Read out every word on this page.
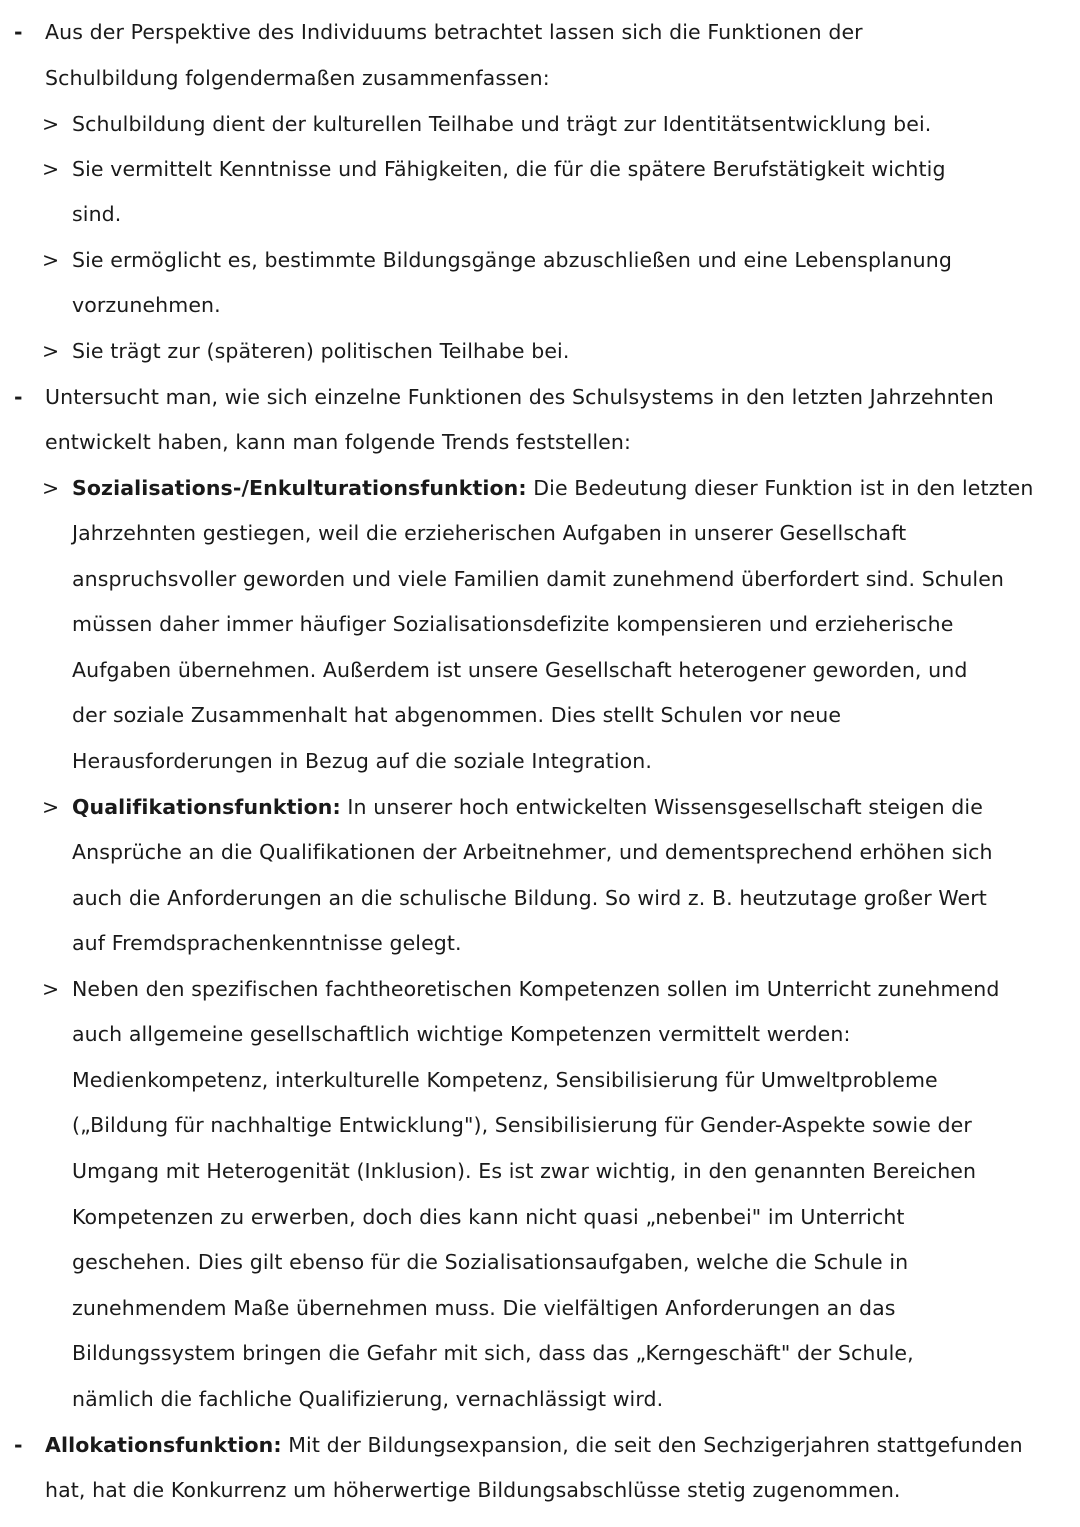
- Aus der Perspektive des Individuums betrachtet lassen sich die Funktionen der
Schulbildung folgendermaßen zusammenfassen:
> Schulbildung dient der kulturellen Teilhabe und trägt zur Identitätsentwicklung bei.
> Sie vermittelt Kenntnisse und Fähigkeiten, die für die spätere Berufstätigkeit wichtig
sind.
> Sie ermöglicht es, bestimmte Bildungsgänge abzuschließen und eine Lebensplanung
vorzunehmen.
> Sie trägt zur (späteren) politischen Teilhabe bei.
- Untersucht man, wie sich einzelne Funktionen des Schulsystems in den letzten Jahrzehnten
entwickelt haben, kann man folgende Trends feststellen:
> Sozialisations-/Enkulturationsfunktion: Die Bedeutung dieser Funktion ist in den letzten
Jahrzehnten gestiegen, weil die erzieherischen Aufgaben in unserer Gesellschaft
anspruchsvoller geworden und viele Familien damit zunehmend überfordert sind. Schulen
müssen daher immer häufiger Sozialisationsdefizite kompensieren und erzieherische
Aufgaben übernehmen. Außerdem ist unsere Gesellschaft heterogener geworden, und
der soziale Zusammenhalt hat abgenommen. Dies stellt Schulen vor neue
Herausforderungen in Bezug auf die soziale Integration.
> Qualifikationsfunktion: In unserer hoch entwickelten Wissensgesellschaft steigen die
Ansprüche an die Qualifikationen der Arbeitnehmer, und dementsprechend erhöhen sich
auch die Anforderungen an die schulische Bildung. So wird z. B. heutzutage großer Wert
auf Fremdsprachenkenntnisse gelegt.
> Neben den spezifischen fachtheoretischen Kompetenzen sollen im Unterricht zunehmend
auch allgemeine gesellschaftlich wichtige Kompetenzen vermittelt werden:
Medienkompetenz, interkulturelle Kompetenz, Sensibilisierung für Umweltprobleme
(„Bildung für nachhaltige Entwicklung"), Sensibilisierung für Gender-Aspekte sowie der
Umgang mit Heterogenität (Inklusion). Es ist zwar wichtig, in den genannten Bereichen
Kompetenzen zu erwerben, doch dies kann nicht quasi „nebenbei" im Unterricht
geschehen. Dies gilt ebenso für die Sozialisationsaufgaben, welche die Schule in
zunehmendem Maße übernehmen muss. Die vielfältigen Anforderungen an das
Bildungssystem bringen die Gefahr mit sich, dass das „Kerngeschäft" der Schule,
nämlich die fachliche Qualifizierung, vernachlässigt wird.
- Allokationsfunktion: Mit der Bildungsexpansion, die seit den Sechzigerjahren stattgefunden
hat, hat die Konkurrenz um höherwertige Bildungsabschlüsse stetig zugenommen.
